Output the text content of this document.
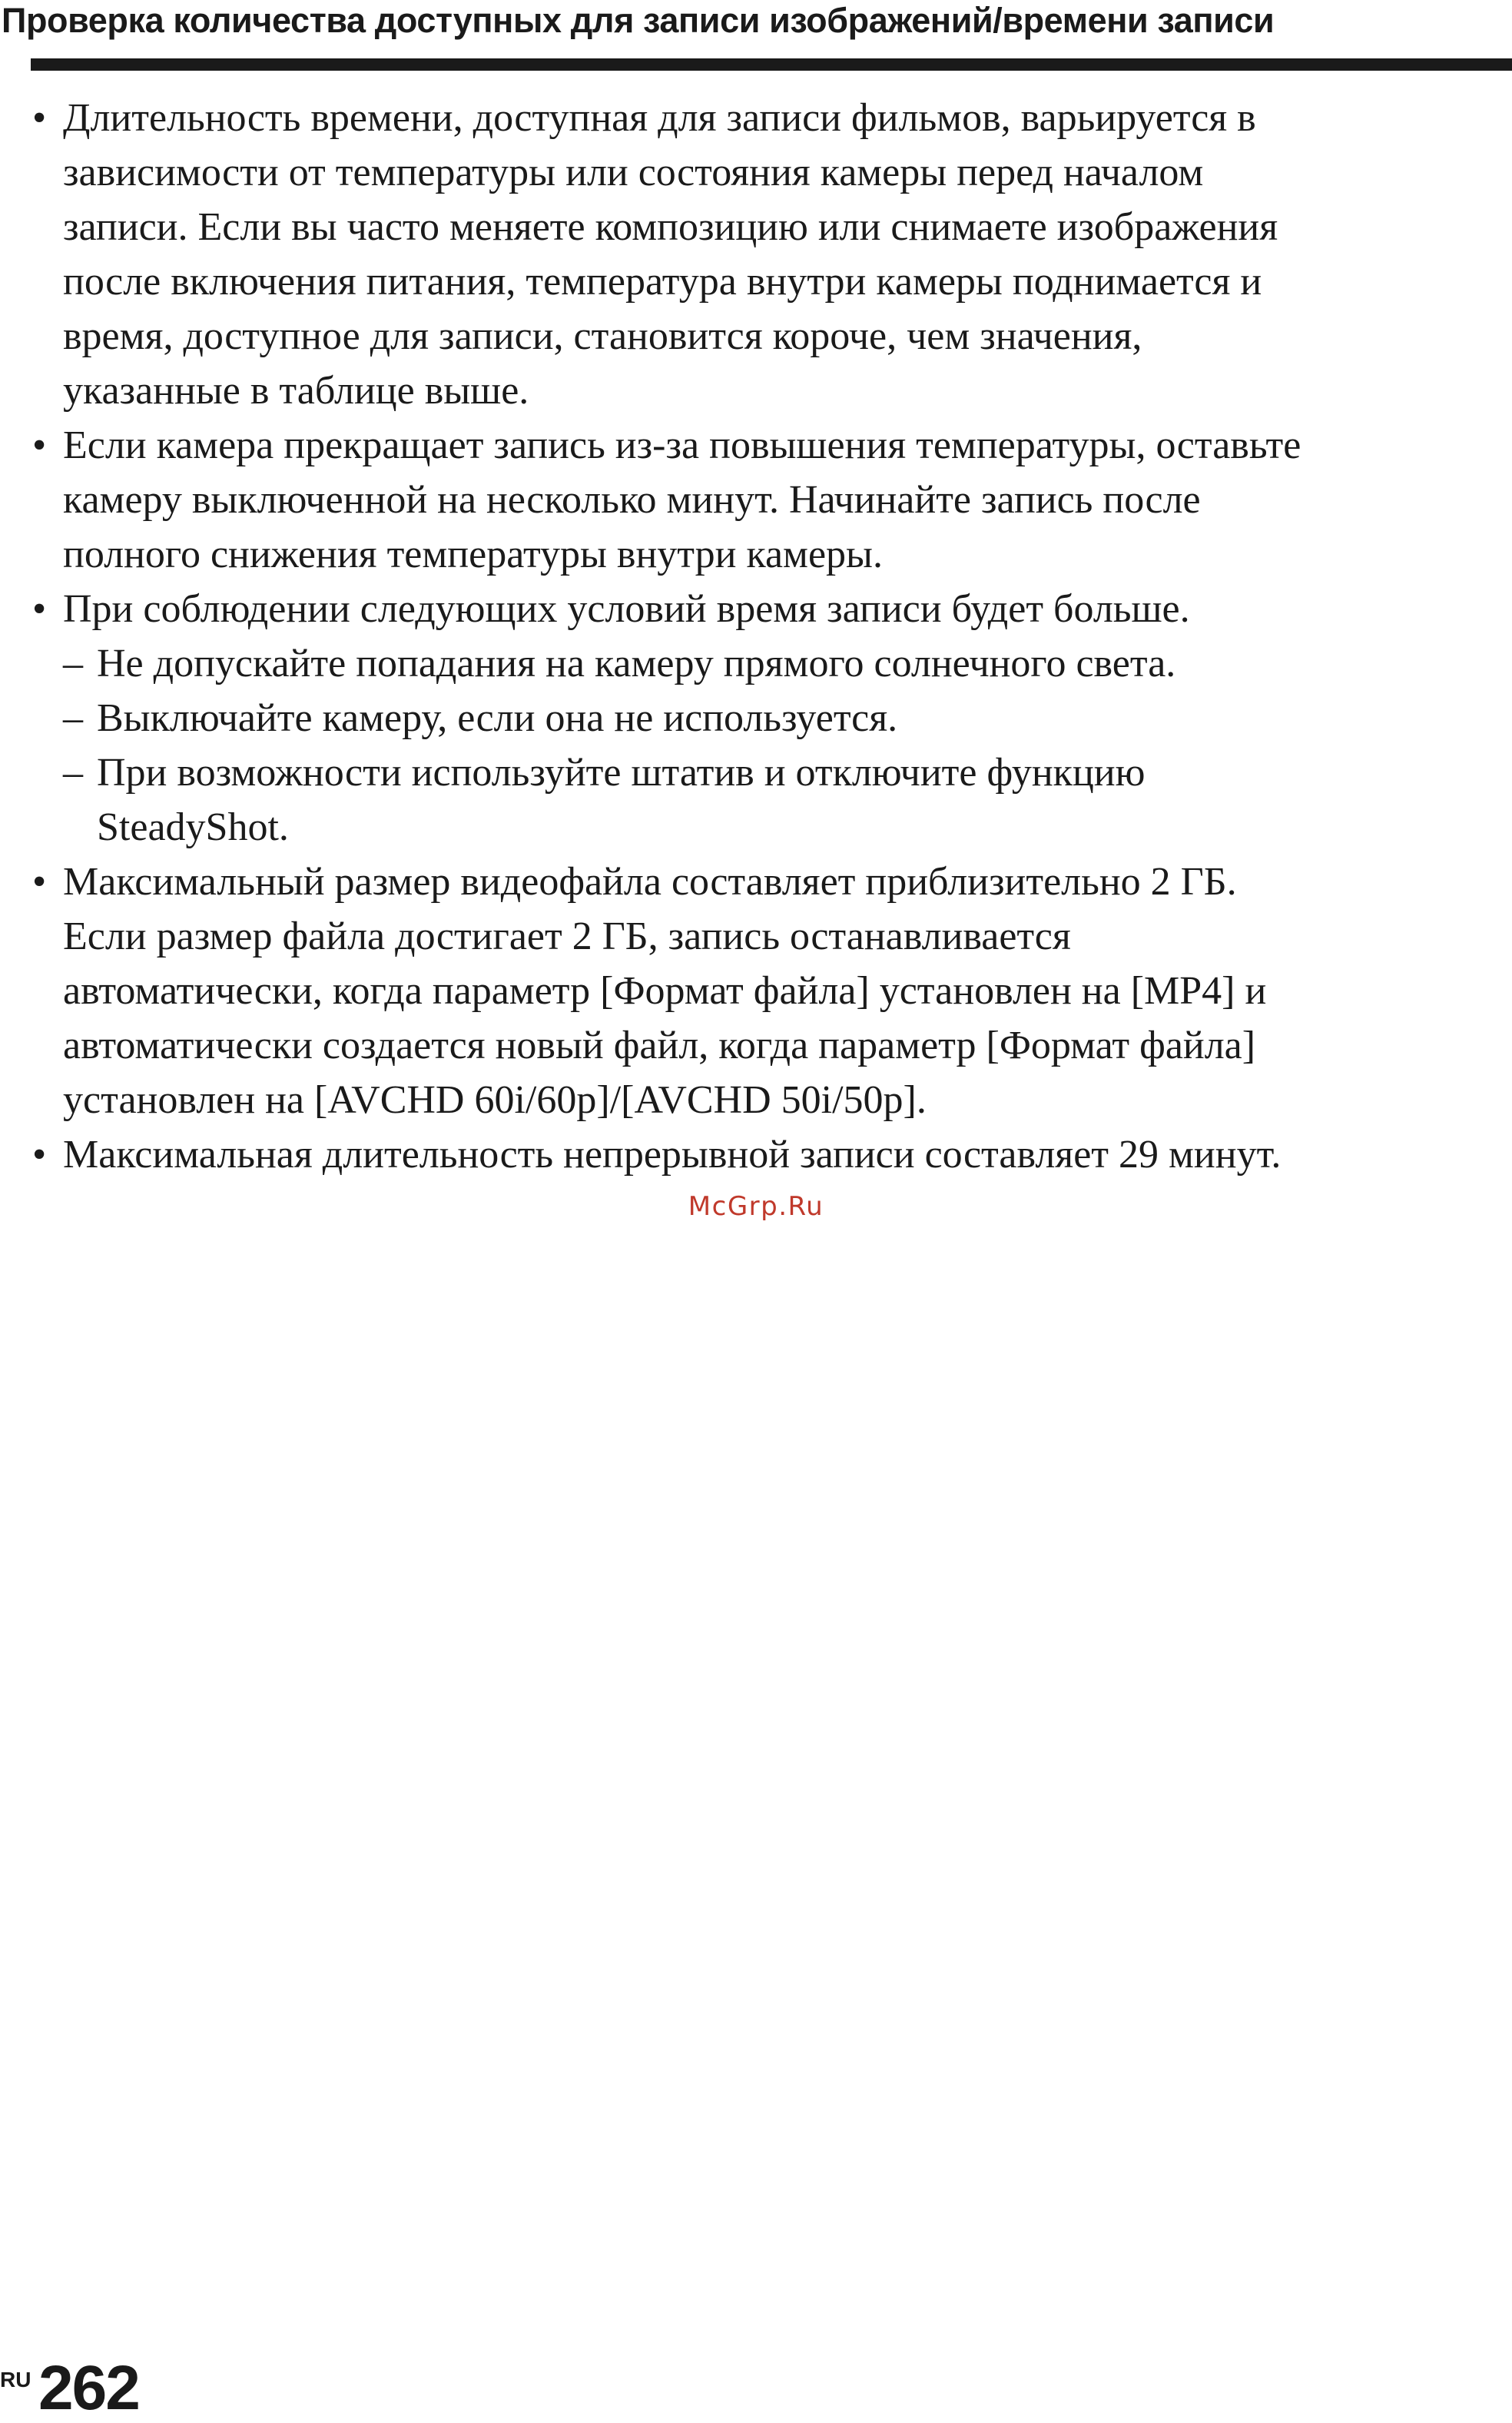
Проверка количества доступных для записи изображений/времени записи
• Длительность времени, доступная для записи фильмов, варьируется в
зависимости от температуры или состояния камеры перед началом
записи. Если вы часто меняете композицию или снимаете изображения
после включения питания, температура внутри камеры поднимается и
время, доступное для записи, становится короче, чем значения,
указанные в таблице выше.
• Если камера прекращает запись из-за повышения температуры, оставьте
камеру выключенной на несколько минут. Начинайте запись после
полного снижения температуры внутри камеры.
• При соблюдении следующих условий время записи будет больше.
– Не допускайте попадания на камеру прямого солнечного света.
– Выключайте камеру, если она не используется.
– При возможности используйте штатив и отключите функцию
SteadyShot.
• Максимальный размер видеофайла составляет приблизительно 2 ГБ.
Если размер файла достигает 2 ГБ, запись останавливается
автоматически, когда параметр [Формат файла] установлен на [MP4] и
автоматически создается новый файл, когда параметр [Формат файла]
установлен на [AVCHD 60i/60p]/[AVCHD 50i/50p].
• Максимальная длительность непрерывной записи составляет 29 минут.
McGrp.Ru
RU 262
